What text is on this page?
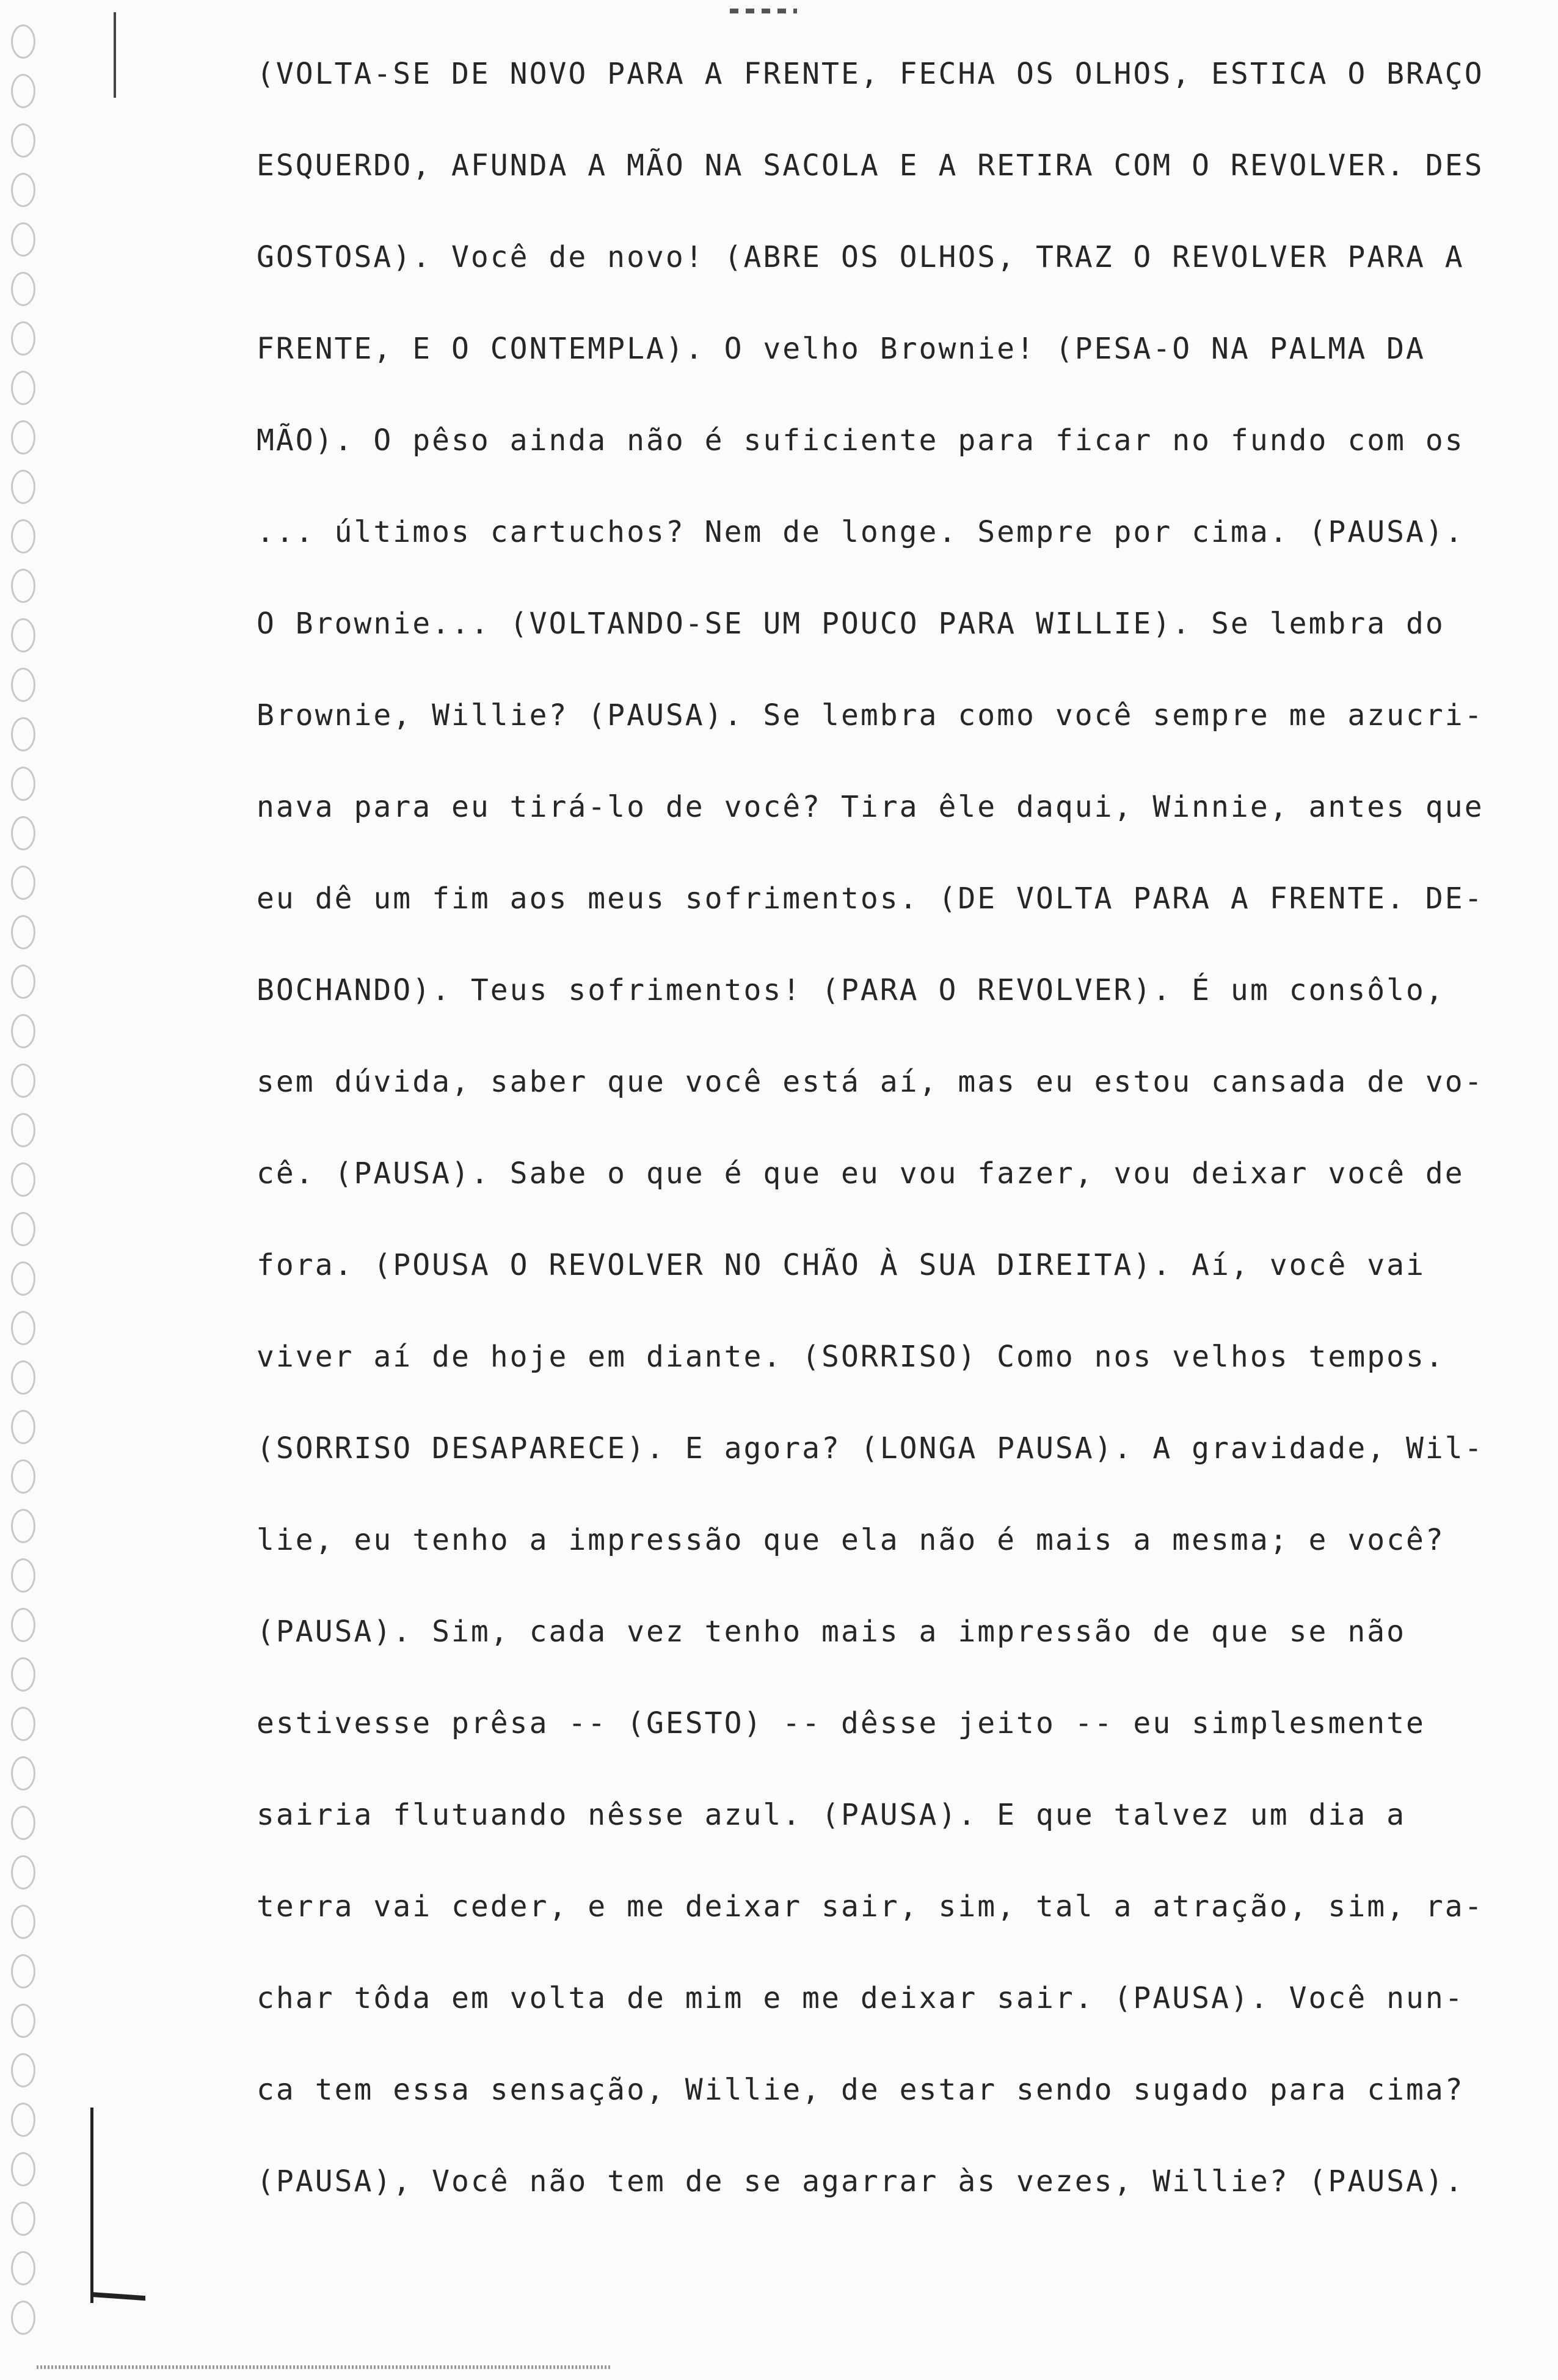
(VOLTA-SE DE NOVO PARA A FRENTE, FECHA OS OLHOS, ESTICA O BRAÇO
ESQUERDO, AFUNDA A MÃO NA SACOLA E A RETIRA COM O REVOLVER. DES
GOSTOSA). Você de novo! (ABRE OS OLHOS, TRAZ O REVOLVER PARA A
FRENTE, E O CONTEMPLA). O velho Brownie! (PESA-O NA PALMA DA
MÃO). O pêso ainda não é suficiente para ficar no fundo com os
... últimos cartuchos? Nem de longe. Sempre por cima. (PAUSA).
O Brownie... (VOLTANDO-SE UM POUCO PARA WILLIE). Se lembra do
Brownie, Willie? (PAUSA). Se lembra como você sempre me azucri-
nava para eu tirá-lo de você? Tira êle daqui, Winnie, antes que
eu dê um fim aos meus sofrimentos. (DE VOLTA PARA A FRENTE. DE-
BOCHANDO). Teus sofrimentos! (PARA O REVOLVER). É um consôlo,
sem dúvida, saber que você está aí, mas eu estou cansada de vo-
cê. (PAUSA). Sabe o que é que eu vou fazer, vou deixar você de
fora. (POUSA O REVOLVER NO CHÃO À SUA DIREITA). Aí, você vai
viver aí de hoje em diante. (SORRISO) Como nos velhos tempos.
(SORRISO DESAPARECE). E agora? (LONGA PAUSA). A gravidade, Wil-
lie, eu tenho a impressão que ela não é mais a mesma; e você?
(PAUSA). Sim, cada vez tenho mais a impressão de que se não
estivesse prêsa -- (GESTO) -- dêsse jeito -- eu simplesmente
sairia flutuando nêsse azul. (PAUSA). E que talvez um dia a
terra vai ceder, e me deixar sair, sim, tal a atração, sim, ra-
char tôda em volta de mim e me deixar sair. (PAUSA). Você nun-
ca tem essa sensação, Willie, de estar sendo sugado para cima?
(PAUSA), Você não tem de se agarrar às vezes, Willie? (PAUSA).
